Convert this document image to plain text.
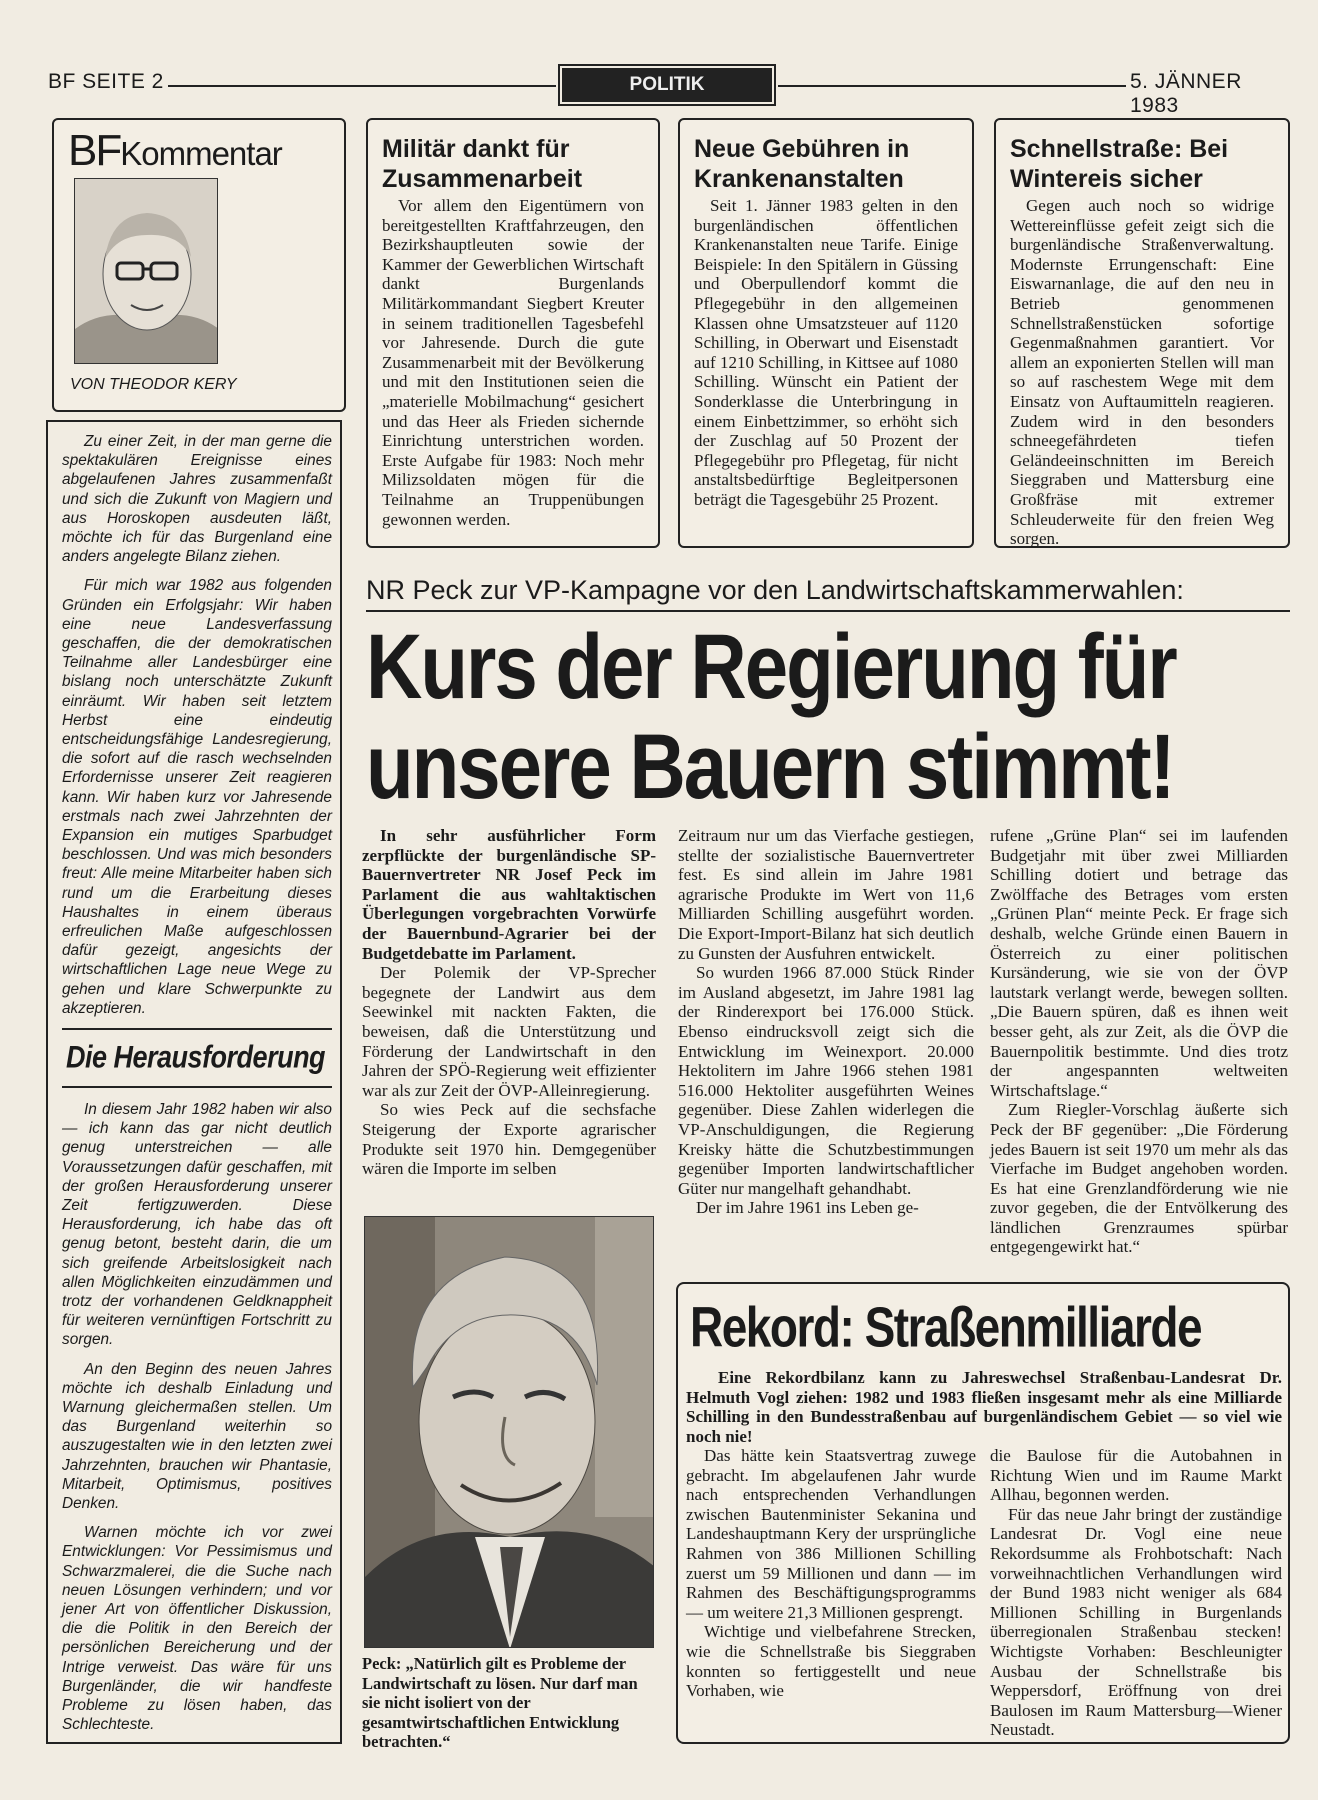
BF SEITE 2	POLITIK	5. JÄNNER 1983
BFKommentar
VON THEODOR KERY

Zu einer Zeit, in der man gerne die spektakulären Ereignisse eines abgelaufenen Jahres zusammenfaßt und sich die Zukunft von Magiern und aus Horoskopen ausdeuten läßt, möchte ich für das Burgenland eine anders angelegte Bilanz ziehen.

Für mich war 1982 aus folgenden Gründen ein Erfolgsjahr: Wir haben eine neue Landesverfassung geschaffen, die der demokratischen Teilnahme aller Landesbürger eine bislang noch unterschätzte Zukunft einräumt. Wir haben seit letztem Herbst eine eindeutig entscheidungsfähige Landesregierung, die sofort auf die rasch wechselnden Erfordernisse unserer Zeit reagieren kann. Wir haben kurz vor Jahresende erstmals nach zwei Jahrzehnten der Expansion ein mutiges Sparbudget beschlossen. Und was mich besonders freut: Alle meine Mitarbeiter haben sich rund um die Erarbeitung dieses Haushaltes in einem überaus erfreulichen Maße aufgeschlossen dafür gezeigt, angesichts der wirtschaftlichen Lage neue Wege zu gehen und klare Schwerpunkte zu akzeptieren.

Die Herausforderung

In diesem Jahr 1982 haben wir also — ich kann das gar nicht deutlich genug unterstreichen — alle Voraussetzungen dafür geschaffen, mit der großen Herausforderung unserer Zeit fertigzuwerden. Diese Herausforderung, ich habe das oft genug betont, besteht darin, die um sich greifende Arbeitslosigkeit nach allen Möglichkeiten einzudämmen und trotz der vorhandenen Geldknappheit für weiteren vernünftigen Fortschritt zu sorgen.

An den Beginn des neuen Jahres möchte ich deshalb Einladung und Warnung gleichermaßen stellen. Um das Burgenland weiterhin so auszugestalten wie in den letzten zwei Jahrzehnten, brauchen wir Phantasie, Mitarbeit, Optimismus, positives Denken.

Warnen möchte ich vor zwei Entwicklungen: Vor Pessimismus und Schwarzmalerei, die die Suche nach neuen Lösungen verhindern; und vor jener Art von öffentlicher Diskussion, die die Politik in den Bereich der persönlichen Bereicherung und der Intrige verweist. Das wäre für uns Burgenländer, die wir handfeste Probleme zu lösen haben, das Schlechteste.

Militär dankt für Zusammenarbeit

Vor allem den Eigentümern von bereitgestellten Kraftfahrzeugen, den Bezirkshauptleuten sowie der Kammer der Gewerblichen Wirtschaft dankt Burgenlands Militärkommandant Siegbert Kreuter in seinem traditionellen Tagesbefehl vor Jahresende. Durch die gute Zusammenarbeit mit der Bevölkerung und mit den Institutionen seien die „materielle Mobilmachung“ gesichert und das Heer als Frieden sichernde Einrichtung unterstrichen worden. Erste Aufgabe für 1983: Noch mehr Milizsoldaten mögen für die Teilnahme an Truppenübungen gewonnen werden.

Neue Gebühren in Krankenanstalten

Seit 1. Jänner 1983 gelten in den burgenländischen öffentlichen Krankenanstalten neue Tarife. Einige Beispiele: In den Spitälern in Güssing und Oberpullendorf kommt die Pflegegebühr in den allgemeinen Klassen ohne Umsatzsteuer auf 1120 Schilling, in Oberwart und Eisenstadt auf 1210 Schilling, in Kittsee auf 1080 Schilling. Wünscht ein Patient der Sonderklasse die Unterbringung in einem Einbettzimmer, so erhöht sich der Zuschlag auf 50 Prozent der Pflegegebühr pro Pflegetag, für nicht anstaltsbedürftige Begleitpersonen beträgt die Tagesgebühr 25 Prozent.

Schnellstraße: Bei Wintereis sicher

Gegen auch noch so widrige Wettereinflüsse gefeit zeigt sich die burgenländische Straßenverwaltung. Modernste Errungenschaft: Eine Eiswarnanlage, die auf den neu in Betrieb genommenen Schnellstraßenstücken sofortige Gegenmaßnahmen garantiert. Vor allem an exponierten Stellen will man so auf raschestem Wege mit dem Einsatz von Auftaumitteln reagieren. Zudem wird in den besonders schneegefährdeten tiefen Geländeeinschnitten im Bereich Sieggraben und Mattersburg eine Großfräse mit extremer Schleuderweite für den freien Weg sorgen.

NR Peck zur VP-Kampagne vor den Landwirtschaftskammerwahlen:
Kurs der Regierung für
unsere Bauern stimmt!

In sehr ausführlicher Form zerpflückte der burgenländische SP-Bauernvertreter NR Josef Peck im Parlament die aus wahltaktischen Überlegungen vorgebrachten Vorwürfe der Bauernbund-Agrarier bei der Budgetdebatte im Parlament.

Der Polemik der VP-Sprecher begegnete der Landwirt aus dem Seewinkel mit nackten Fakten, die beweisen, daß die Unterstützung und Förderung der Landwirtschaft in den Jahren der SPÖ-Regierung weit effizienter war als zur Zeit der ÖVP-Alleinregierung.

So wies Peck auf die sechsfache Steigerung der Exporte agrarischer Produkte seit 1970 hin. Demgegenüber wären die Importe im selben

Zeitraum nur um das Vierfache gestiegen, stellte der sozialistische Bauernvertreter fest. Es sind allein im Jahre 1981 agrarische Produkte im Wert von 11,6 Milliarden Schilling ausgeführt worden. Die Export-Import-Bilanz hat sich deutlich zu Gunsten der Ausfuhren entwickelt.

So wurden 1966 87.000 Stück Rinder im Ausland abgesetzt, im Jahre 1981 lag der Rinderexport bei 176.000 Stück. Ebenso eindrucksvoll zeigt sich die Entwicklung im Weinexport. 20.000 Hektolitern im Jahre 1966 stehen 1981 516.000 Hektoliter ausgeführten Weines gegenüber. Diese Zahlen widerlegen die VP-Anschuldigungen, die Regierung Kreisky hätte die Schutzbestimmungen gegenüber Importen landwirtschaftlicher Güter nur mangelhaft gehandhabt.

Der im Jahre 1961 ins Leben ge-

rufene „Grüne Plan“ sei im laufenden Budgetjahr mit über zwei Milliarden Schilling dotiert und betrage das Zwölffache des Betrages vom ersten „Grünen Plan“ meinte Peck. Er frage sich deshalb, welche Gründe einen Bauern in Österreich zu einer politischen Kursänderung, wie sie von der ÖVP lautstark verlangt werde, bewegen sollten. „Die Bauern spüren, daß es ihnen weit besser geht, als zur Zeit, als die ÖVP die Bauernpolitik bestimmte. Und dies trotz der angespannten weltweiten Wirtschaftslage.“

Zum Riegler-Vorschlag äußerte sich Peck der BF gegenüber: „Die Förderung jedes Bauern ist seit 1970 um mehr als das Vierfache im Budget angehoben worden. Es hat eine Grenzlandförderung wie nie zuvor gegeben, die der Entvölkerung des ländlichen Grenzraumes spürbar entgegengewirkt hat.“

Peck: „Natürlich gilt es Probleme der Landwirtschaft zu lösen. Nur darf man sie nicht isoliert von der gesamtwirtschaftlichen Entwicklung betrachten.“
Rekord: Straßenmilliarde
Eine Rekordbilanz kann zu Jahreswechsel Straßenbau-Landesrat Dr. Helmuth Vogl ziehen: 1982 und 1983 fließen insgesamt mehr als eine Milliarde Schilling in den Bundesstraßenbau auf burgenländischem Gebiet — so viel wie noch nie!

Das hätte kein Staatsvertrag zuwege gebracht. Im abgelaufenen Jahr wurde nach entsprechenden Verhandlungen zwischen Bautenminister Sekanina und Landeshauptmann Kery der ursprüngliche Rahmen von 386 Millionen Schilling zuerst um 59 Millionen und dann — im Rahmen des Beschäftigungsprogramms — um weitere 21,3 Millionen gesprengt.

Wichtige und vielbefahrene Strecken, wie die Schnellstraße bis Sieggraben konnten so fertiggestellt und neue Vorhaben, wie

die Baulose für die Autobahnen in Richtung Wien und im Raume Markt Allhau, begonnen werden.

Für das neue Jahr bringt der zuständige Landesrat Dr. Vogl eine neue Rekordsumme als Frohbotschaft: Nach vorweihnachtlichen Verhandlungen wird der Bund 1983 nicht weniger als 684 Millionen Schilling in Burgenlands überregionalen Straßenbau stecken! Wichtigste Vorhaben: Beschleunigter Ausbau der Schnellstraße bis Weppersdorf, Eröffnung von drei Baulosen im Raum Mattersburg—Wiener Neustadt.
